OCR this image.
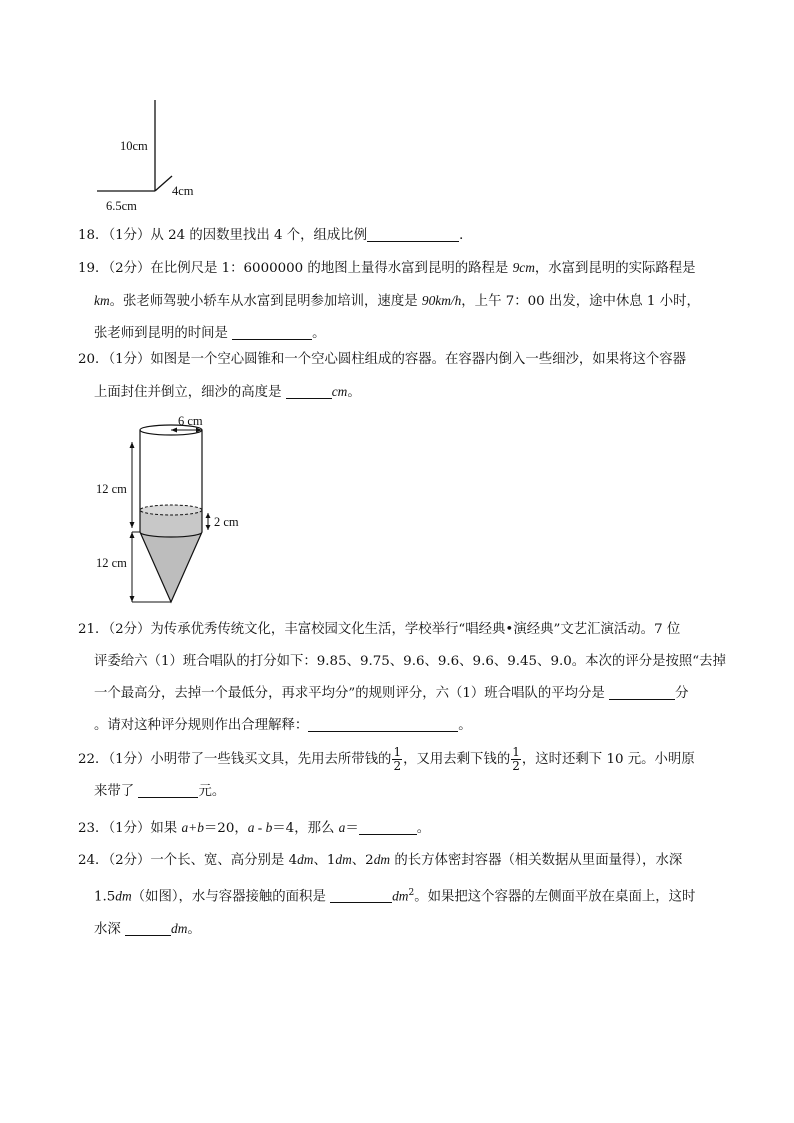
10cm
4cm
6.5cm
18．（1分）从 24 的因数里找出 4 个，组成比例	．
19．（2分）在比例尺是 1：6000000 的地图上量得水富到昆明的路程是 9cm，水富到昆明的实际路程是
km。张老师驾驶小轿车从水富到昆明参加培训，速度是 90km/h，上午 7：00 出发，途中休息 1 小时，
张老师到昆明的时间是	。
20．（1分）如图是一个空心圆锥和一个空心圆柱组成的容器。在容器内倒入一些细沙，如果将这个容器
上面封住并倒立，细沙的高度是	cm。
6 cm
12 cm
12 cm
2 cm
21．（2分）为传承优秀传统文化，丰富校园文化生活，学校举行“唱经典•演经典”文艺汇演活动。7 位
评委给六（1）班合唱队的打分如下：9.85、9.75、9.6、9.6、9.6、9.45、9.0。本次的评分是按照“去掉
一个最高分，去掉一个最低分，再求平均分”的规则评分，六（1）班合唱队的平均分是	分
。请对这种评分规则作出合理解释：	。
22．（1分）小明带了一些钱买文具，先用去所带钱的 $\frac{1}{2}$ ，又用去剩下钱的 $\frac{1}{2}$ ，这时还剩下 10 元。小明原
来带了	元。
23．（1分）如果 a+b＝20，a - b＝4，那么 a＝	。
24．（2分）一个长、宽、高分别是 4dm、1dm、2dm 的长方体密封容器（相关数据从里面量得），水深
1.5dm（如图），水与容器接触的面积是	$dm^2$。如果把这个容器的左侧面平放在桌面上，这时
水深	dm。
